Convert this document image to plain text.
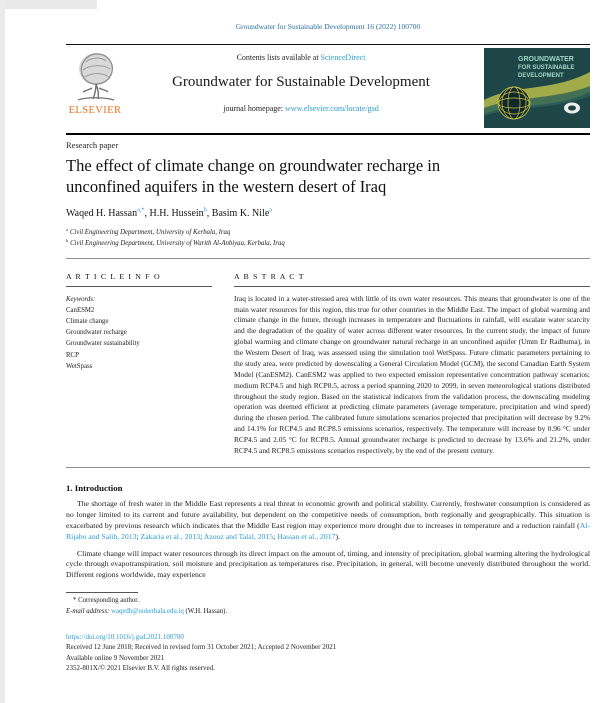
Groundwater for Sustainable Development 16 (2022) 100700
ELSEVIER
Contents lists available at ScienceDirect
Groundwater for Sustainable Development
journal homepage: www.elsevier.com/locate/gsd
GROUNDWATER
FOR SUSTAINABLE
DEVELOPMENT
Research paper
The effect of climate change on groundwater recharge in
unconfined aquifers in the western desert of Iraq
Waqed H. Hassan$^{a,*}$, H.H. Hussein$^b$, Basim K. Nile$^a$
$^a$ Civil Engineering Department, University of Kerbala, Iraq
$^b$ Civil Engineering Department, University of Warith Al-Anbiyaa, Kerbala, Iraq
A R T I C L E I N F O
Keywords:
CanESM2
Climate change
Groundwater recharge
Groundwater sustainability
RCP
WetSpass
A B S T R A C T

Iraq is located in a water-stressed area with little of its own water resources. This means that groundwater is one of the main water resources for this region, this true for other countries in the Middle East. The impact of global warming and climate change in the future, through increases in temperature and fluctuations in rainfall, will escalate water scarcity and the degradation of the quality of water across different water resources. In the current study, the impact of future global warming and climate change on groundwater natural recharge in an unconfined aquifer (Umm Er Radhuma), in the Western Desert of Iraq, was assessed using the simulation tool WetSpass. Future climatic parameters pertaining to the study area, were predicted by downscaling a General Circulation Model (GCM), the second Canadian Earth System Model (CanESM2). CanESM2 was applied to two expected emission representative concentration pathway scenarios; medium RCP4.5 and high RCP8.5, across a period spanning 2020 to 2099, in seven meteorological stations distributed throughout the study region. Based on the statistical indicators from the validation process, the downscaling modeling operation was deemed efficient at predicting climate parameters (average temperature, precipitation and wind speed) during the chosen period. The calibrated future simulations scenarios projected that precipitation will decrease by 9.2% and 14.1% for RCP4.5 and RCP8.5 emissions scenarios, respectively. The temperature will increase by 0.96 °C under RCP4.5 and 2.05 °C for RCP8.5. Annual groundwater recharge is predicted to decrease by 13.6% and 21.2%, under RCP4.5 and RCP8.5 emissions scenarios respectively, by the end of the present century.

1. Introduction

The shortage of fresh water in the Middle East represents a real threat to economic growth and political stability. Currently, freshwater consumption is considered as no longer limited to its current and future availability, but dependent on the competitive needs of consumption, both regionally and geographically. This situation is exacerbated by previous research which indicates that the Middle East region may experience more drought due to increases in temperature and a reduction rainfall (Al-Rijabo and Salih, 2013; Zakaria et al., 2013; Azooz and Talal, 2015; Hassan et al., 2017).

Climate change will impact water resources through its direct impact on the amount of, timing, and intensity of precipitation, global warming altering the hydrological cycle through evapotranspiration, soil moisture and precipitation as temperatures rise. Precipitation, in general, will become unevenly distributed throughout the world. Different regions worldwide, may experience

* Corresponding author.
E-mail address: waqedh@uokerbala.edu.iq (W.H. Hassan).
https://doi.org/10.1016/j.gsd.2021.100700
Received 12 June 2018; Received in revised form 31 October 2021; Accepted 2 November 2021
Available online 9 November 2021
2352-801X/© 2021 Elsevier B.V. All rights reserved.
